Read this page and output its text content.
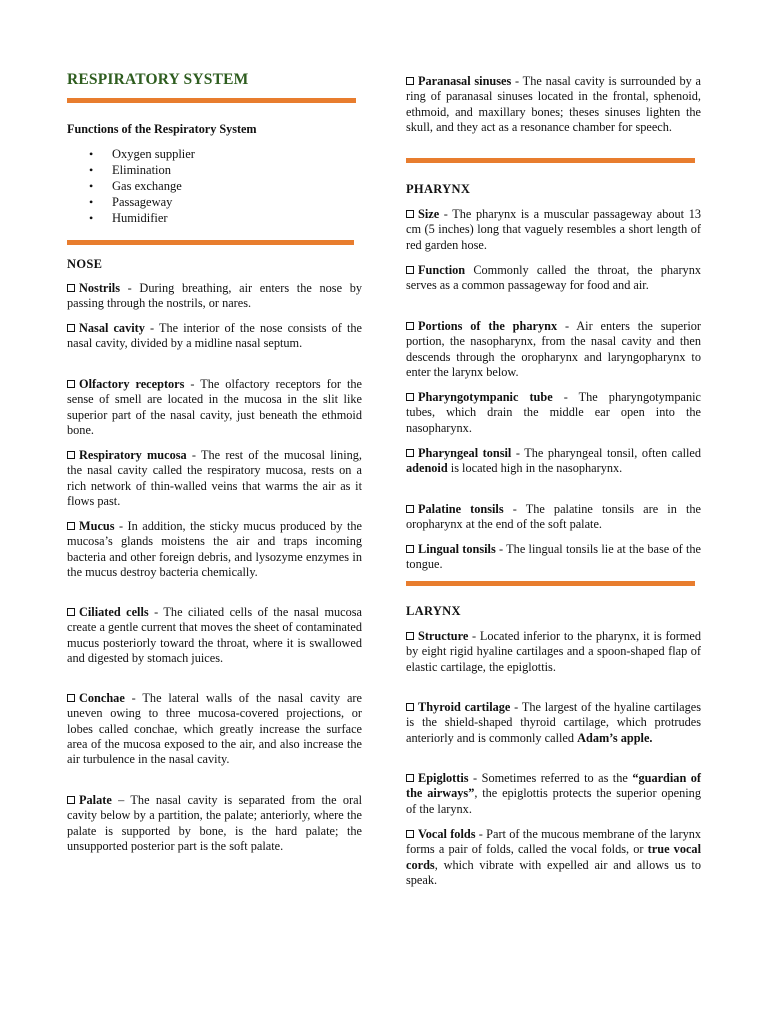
RESPIRATORY SYSTEM
Functions of the Respiratory System
• Oxygen supplier
• Elimination
• Gas exchange
• Passageway
• Humidifier
NOSE

Nostrils - During breathing, air enters the nose by passing through the nostrils, or nares.

Nasal cavity - The interior of the nose consists of the nasal cavity, divided by a midline nasal septum.

Olfactory receptors - The olfactory receptors for the sense of smell are located in the mucosa in the slit like superior part of the nasal cavity, just beneath the ethmoid bone.

Respiratory mucosa - The rest of the mucosal lining, the nasal cavity called the respiratory mucosa, rests on a rich network of thin-walled veins that warms the air as it flows past.

Mucus - In addition, the sticky mucus produced by the mucosa’s glands moistens the air and traps incoming bacteria and other foreign debris, and lysozyme enzymes in the mucus destroy bacteria chemically.

Ciliated cells - The ciliated cells of the nasal mucosa create a gentle current that moves the sheet of contaminated mucus posteriorly toward the throat, where it is swallowed and digested by stomach juices.

Conchae - The lateral walls of the nasal cavity are uneven owing to three mucosa-covered projections, or lobes called conchae, which greatly increase the surface area of the mucosa exposed to the air, and also increase the air turbulence in the nasal cavity.

Palate – The nasal cavity is separated from the oral cavity below by a partition, the palate; anteriorly, where the palate is supported by bone, is the hard palate; the unsupported posterior part is the soft palate.

Paranasal sinuses - The nasal cavity is surrounded by a ring of paranasal sinuses located in the frontal, sphenoid, ethmoid, and maxillary bones; theses sinuses lighten the skull, and they act as a resonance chamber for speech.

PHARYNX

Size - The pharynx is a muscular passageway about 13 cm (5 inches) long that vaguely resembles a short length of red garden hose.

Function Commonly called the throat, the pharynx serves as a common passageway for food and air.

Portions of the pharynx - Air enters the superior portion, the nasopharynx, from the nasal cavity and then descends through the oropharynx and laryngopharynx to enter the larynx below.

Pharyngotympanic tube - The pharyngotympanic tubes, which drain the middle ear open into the nasopharynx.

Pharyngeal tonsil - The pharyngeal tonsil, often called adenoid is located high in the nasopharynx.

Palatine tonsils - The palatine tonsils are in the oropharynx at the end of the soft palate.

Lingual tonsils - The lingual tonsils lie at the base of the tongue.

LARYNX

Structure - Located inferior to the pharynx, it is formed by eight rigid hyaline cartilages and a spoon-shaped flap of elastic cartilage, the epiglottis.

Thyroid cartilage - The largest of the hyaline cartilages is the shield-shaped thyroid cartilage, which protrudes anteriorly and is commonly called Adam’s apple.

Epiglottis - Sometimes referred to as the “guardian of the airways”, the epiglottis protects the superior opening of the larynx.

Vocal folds - Part of the mucous membrane of the larynx forms a pair of folds, called the vocal folds, or true vocal cords, which vibrate with expelled air and allows us to speak.
